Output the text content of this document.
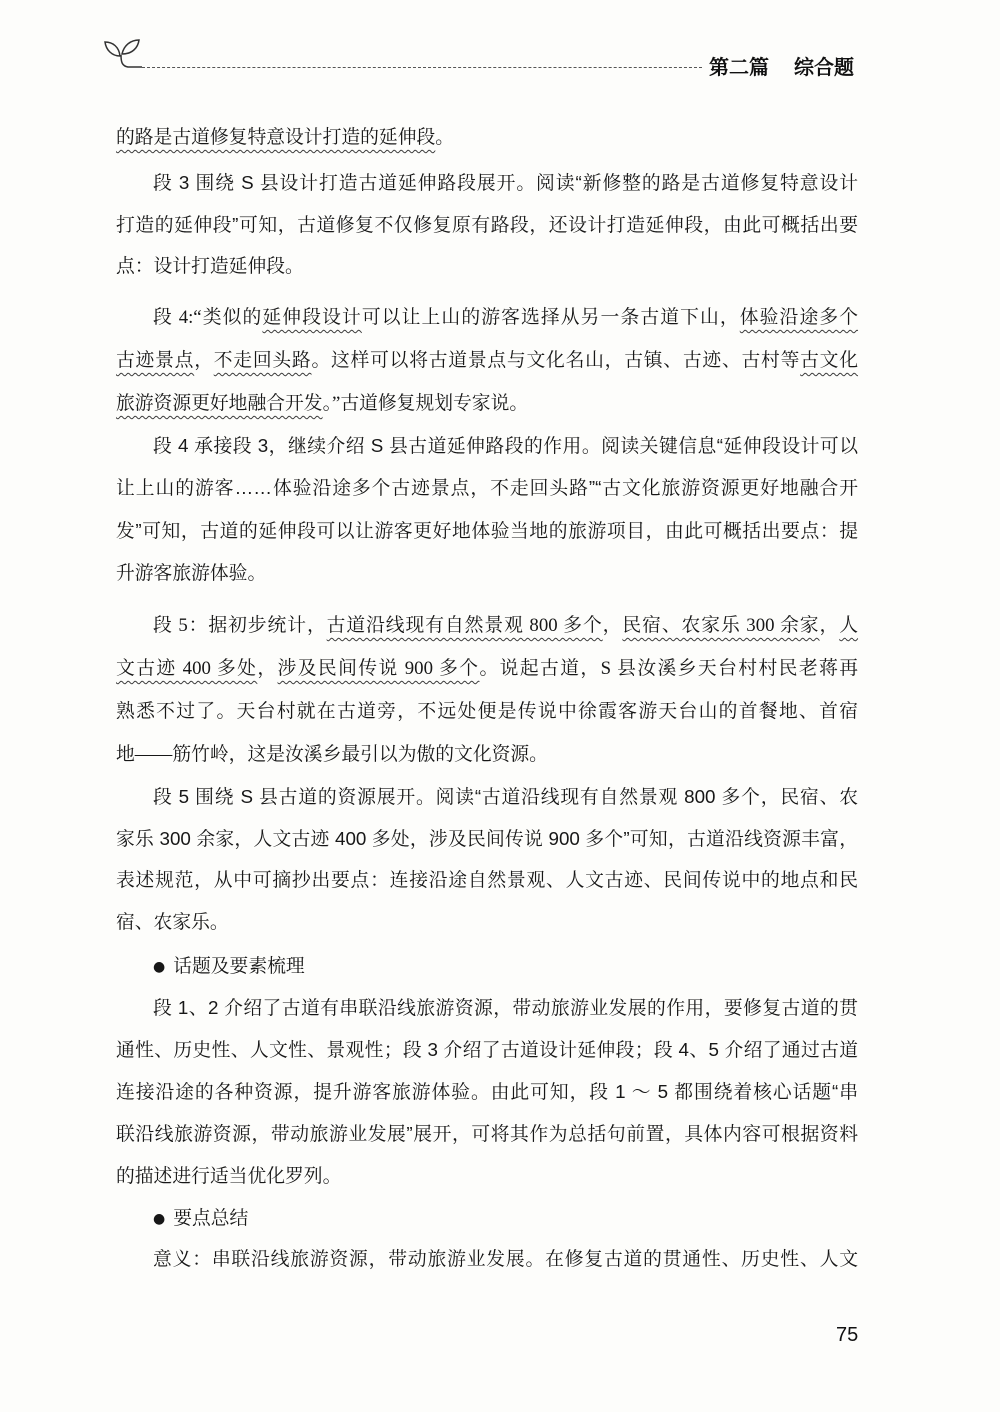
第二篇 综合题
的路是古道修复特意设计打造的延伸段。
段 3 围绕 S 县设计打造古道延伸路段展开。阅读“新修整的路是古道修复特意设计
打造的延伸段”可知，古道修复不仅修复原有路段，还设计打造延伸段，由此可概括出要
点：设计打造延伸段。
段 4:“类似的延伸段设计可以让上山的游客选择从另一条古道下山，体验沿途多个
古迹景点，不走回头路。这样可以将古道景点与文化名山，古镇、古迹、古村等古文化
旅游资源更好地融合开发。”古道修复规划专家说。
段 4 承接段 3，继续介绍 S 县古道延伸路段的作用。阅读关键信息“延伸段设计可以
让上山的游客……体验沿途多个古迹景点，不走回头路”“古文化旅游资源更好地融合开
发”可知，古道的延伸段可以让游客更好地体验当地的旅游项目，由此可概括出要点：提
升游客旅游体验。
段 5：据初步统计，古道沿线现有自然景观 800 多个，民宿、农家乐 300 余家，人
文古迹 400 多处，涉及民间传说 900 多个。说起古道，S 县汝溪乡天台村村民老蒋再
熟悉不过了。天台村就在古道旁，不远处便是传说中徐霞客游天台山的首餐地、首宿
地——筋竹岭，这是汝溪乡最引以为傲的文化资源。
段 5 围绕 S 县古道的资源展开。阅读“古道沿线现有自然景观 800 多个，民宿、农
家乐 300 余家，人文古迹 400 多处，涉及民间传说 900 多个”可知，古道沿线资源丰富，
表述规范，从中可摘抄出要点：连接沿途自然景观、人文古迹、民间传说中的地点和民
宿、农家乐。
● 话题及要素梳理
段 1、2 介绍了古道有串联沿线旅游资源，带动旅游业发展的作用，要修复古道的贯
通性、历史性、人文性、景观性；段 3 介绍了古道设计延伸段；段 4、5 介绍了通过古道
连接沿途的各种资源，提升游客旅游体验。由此可知，段 1 ～ 5 都围绕着核心话题“串
联沿线旅游资源，带动旅游业发展”展开，可将其作为总括句前置，具体内容可根据资料
的描述进行适当优化罗列。
● 要点总结
意义：串联沿线旅游资源，带动旅游业发展。在修复古道的贯通性、历史性、人文
75
